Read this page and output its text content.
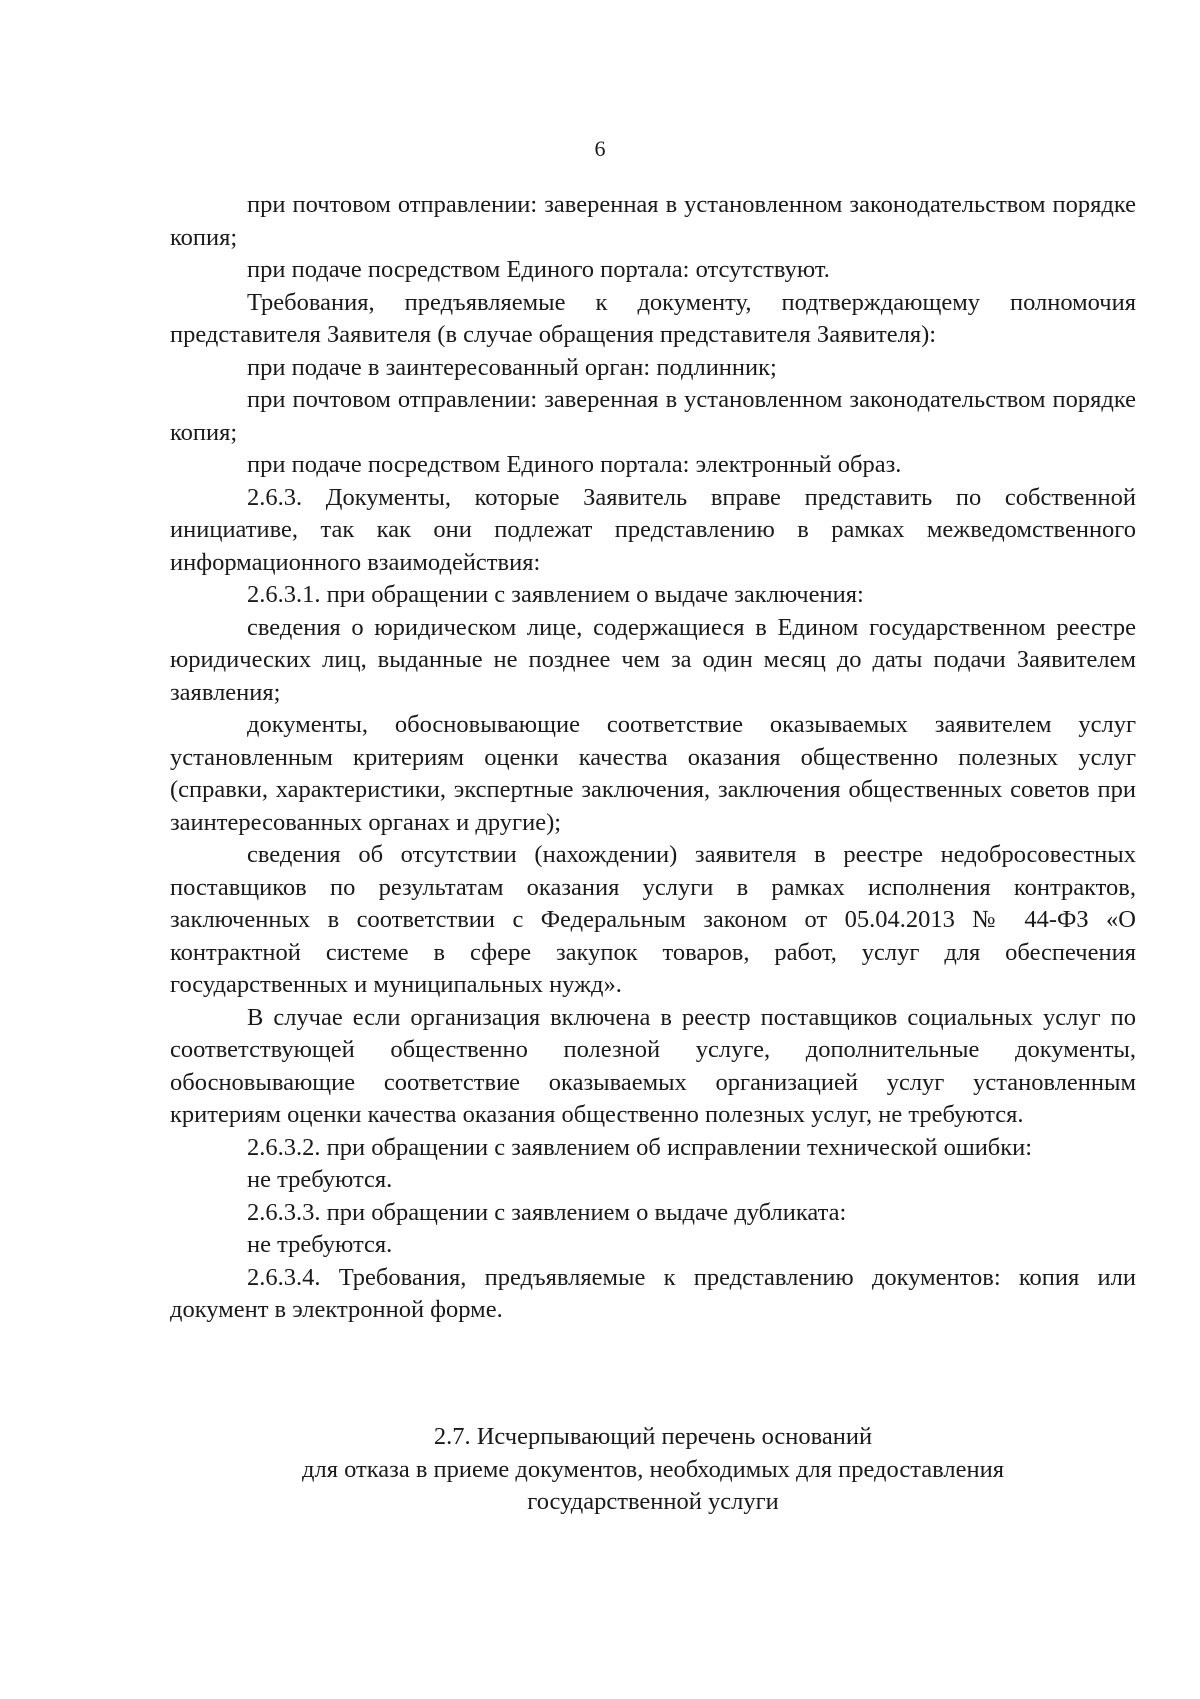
6

при почтовом отправлении: заверенная в установленном законодательством порядке копия;

при подаче посредством Единого портала: отсутствуют.

Требования, предъявляемые к документу, подтверждающему полномочия представителя Заявителя (в случае обращения представителя Заявителя):

при подаче в заинтересованный орган: подлинник;

при почтовом отправлении: заверенная в установленном законодательством порядке копия;

при подаче посредством Единого портала: электронный образ.

2.6.3. Документы, которые Заявитель вправе представить по собственной инициативе, так как они подлежат представлению в рамках межведомственного информационного взаимодействия:

2.6.3.1. при обращении с заявлением о выдаче заключения:

сведения о юридическом лице, содержащиеся в Едином государственном реестре юридических лиц, выданные не позднее чем за один месяц до даты подачи Заявителем заявления;

документы, обосновывающие соответствие оказываемых заявителем услуг установленным критериям оценки качества оказания общественно полезных услуг (справки, характеристики, экспертные заключения, заключения общественных советов при заинтересованных органах и другие);

сведения об отсутствии (нахождении) заявителя в реестре недобросовестных поставщиков по результатам оказания услуги в рамках исполнения контрактов, заключенных в соответствии с Федеральным законом от 05.04.2013 № 44-ФЗ «О контрактной системе в сфере закупок товаров, работ, услуг для обеспечения государственных и муниципальных нужд».

В случае если организация включена в реестр поставщиков социальных услуг по соответствующей общественно полезной услуге, дополнительные документы, обосновывающие соответствие оказываемых организацией услуг установленным критериям оценки качества оказания общественно полезных услуг, не требуются.

2.6.3.2. при обращении с заявлением об исправлении технической ошибки:

не требуются.

2.6.3.3. при обращении с заявлением о выдаче дубликата:

не требуются.

2.6.3.4. Требования, предъявляемые к представлению документов: копия или документ в электронной форме.

2.7. Исчерпывающий перечень оснований
для отказа в приеме документов, необходимых для предоставления
государственной услуги
